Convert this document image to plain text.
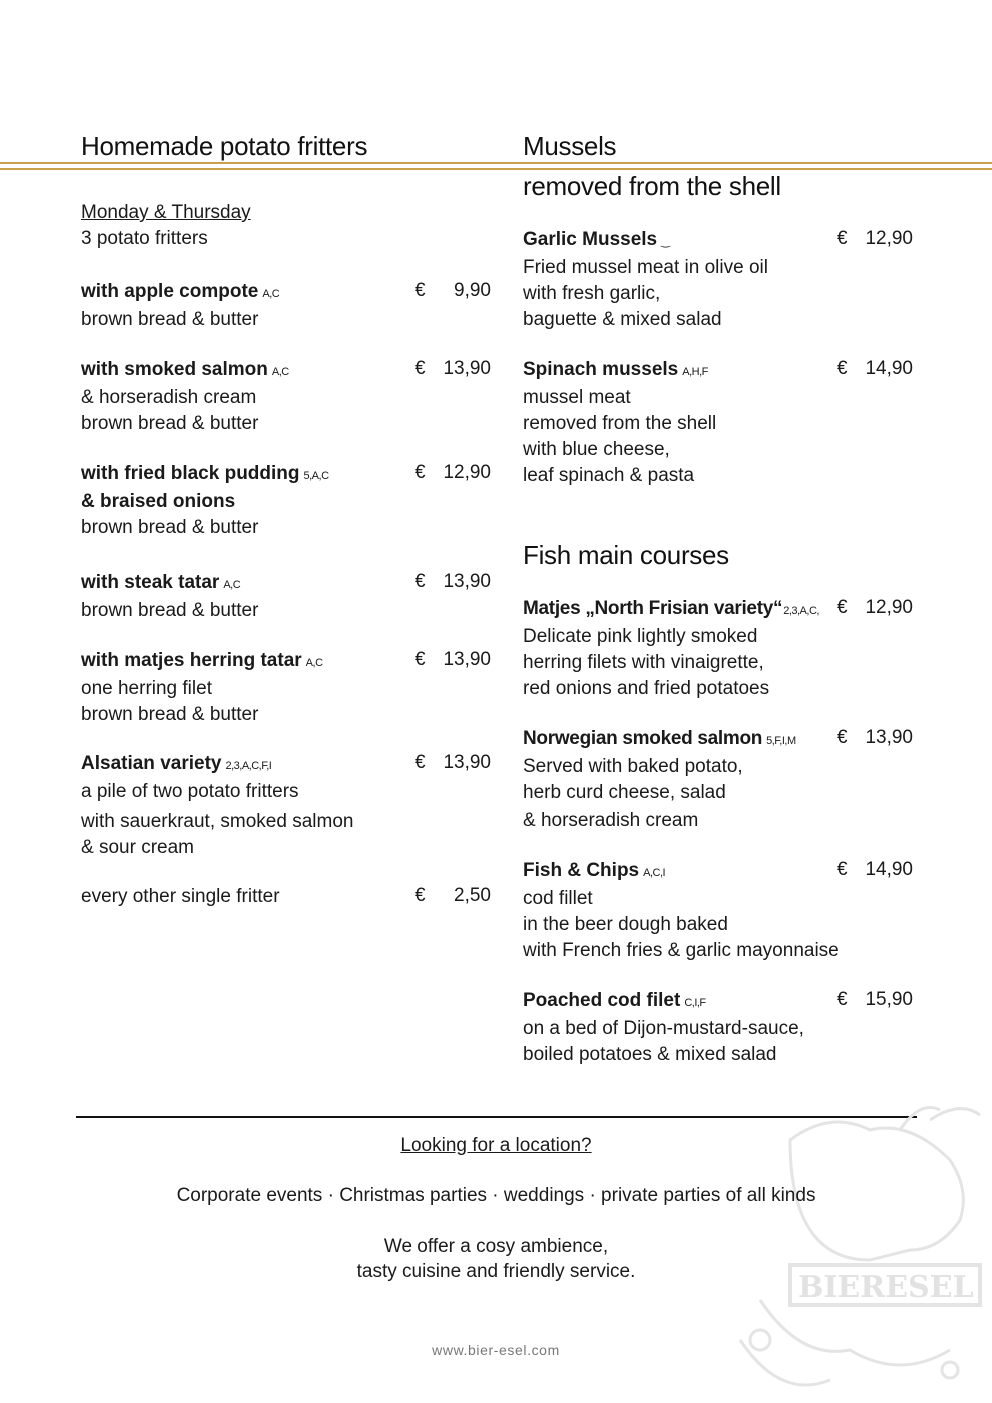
Homemade potato fritters	Mussels
removed from the shell
Monday & Thursday
3 potato fritters
with apple compote A,C
brown bread & butter
€ 9,90
with smoked salmon A,C
& horseradish cream
brown bread & butter
€ 13,90
with fried black pudding 5,A,C
& braised onions
brown bread & butter
€ 12,90
with steak tatar A,C
brown bread & butter
€ 13,90
with matjes herring tatar A,C
one herring filet
brown bread & butter
€ 13,90
Alsatian variety 2,3,A,C,F,I
a pile of two potato fritters
with sauerkraut, smoked salmon
& sour cream
€ 13,90
every other single fritter	€ 2,50
Garlic Mussels ‿
Fried mussel meat in olive oil
with fresh garlic,
baguette & mixed salad
€ 12,90
Spinach mussels A,H,F
mussel meat
removed from the shell
with blue cheese,
leaf spinach & pasta
€ 14,90
Fish main courses
Matjes „North Frisian variety“2,3,A,C,
Delicate pink lightly smoked
herring filets with vinaigrette,
red onions and fried potatoes
€ 12,90
Norwegian smoked salmon 5,F,I,M
Served with baked potato,
herb curd cheese, salad
& horseradish cream
€ 13,90
Fish & Chips A,C,I
cod fillet
in the beer dough baked
with French fries & garlic mayonnaise
€ 14,90
Poached cod filet C,I,F
on a bed of Dijon-mustard-sauce,
boiled potatoes & mixed salad
€ 15,90
BIERESEL
Looking for a location?
Corporate events · Christmas parties · weddings · private parties of all kinds
We offer a cosy ambience,
tasty cuisine and friendly service.
www.bier-esel.com
